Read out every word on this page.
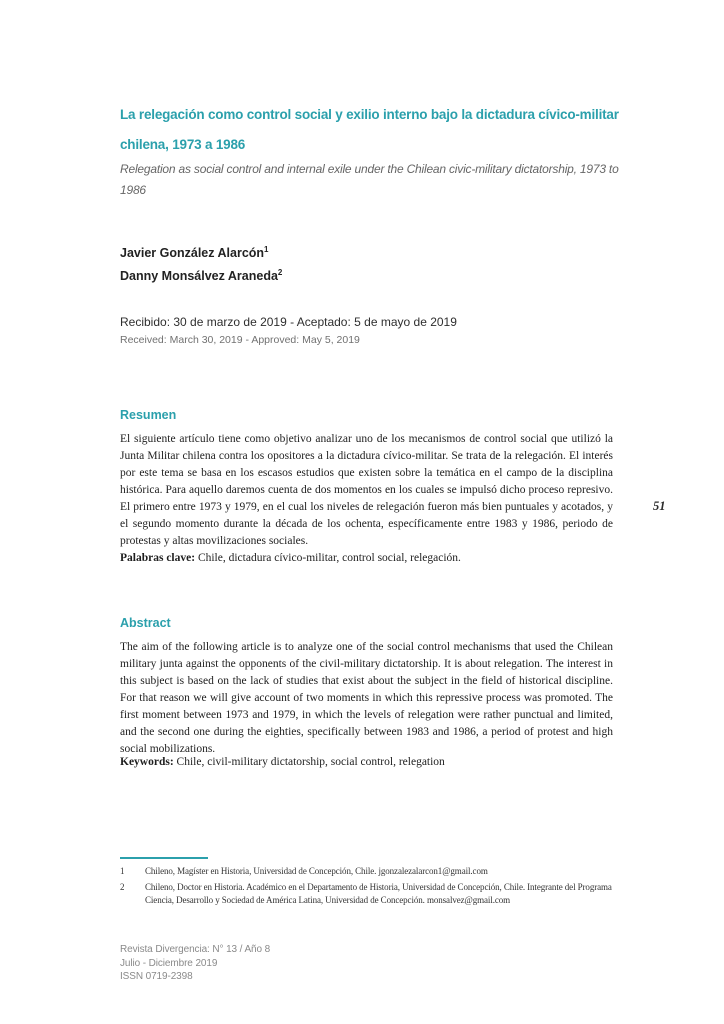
La relegación como control social y exilio interno bajo la dictadura cívico-militar chilena, 1973 a 1986

Relegation as social control and internal exile under the Chilean civic-military dictatorship, 1973 to 1986

Javier González Alarcón$^1$

Danny Monsálvez Araneda$^2$

Recibido: 30 de marzo de 2019 - Aceptado: 5 de mayo de 2019

Received: March 30, 2019 - Approved: May 5, 2019

Resumen

El siguiente artículo tiene como objetivo analizar uno de los mecanismos de control social que utilizó la Junta Militar chilena contra los opositores a la dictadura cívico-militar. Se trata de la relegación. El interés por este tema se basa en los escasos estudios que existen sobre la temática en el campo de la disciplina histórica. Para aquello daremos cuenta de dos momentos en los cuales se impulsó dicho proceso represivo. El primero entre 1973 y 1979, en el cual los niveles de relegación fueron más bien puntuales y acotados, y el segundo momento durante la década de los ochenta, específicamente entre 1983 y 1986, periodo de protestas y altas movilizaciones sociales.

Palabras clave: Chile, dictadura cívico-militar, control social, relegación.

Abstract

The aim of the following article is to analyze one of the social control mechanisms that used the Chilean military junta against the opponents of the civil-military dictatorship. It is about relegation. The interest in this subject is based on the lack of studies that exist about the subject in the field of historical discipline. For that reason we will give account of two moments in which this repressive process was promoted. The first moment between 1973 and 1979, in which the levels of relegation were rather punctual and limited, and the second one during the eighties, specifically between 1983 and 1986, a period of protest and high social mobilizations.

Keywords: Chile, civil-military dictatorship, social control, relegation

1	Chileno, Magíster en Historia, Universidad de Concepción, Chile. jgonzalezalarcon1@gmail.com
2	Chileno, Doctor en Historia. Académico en el Departamento de Historia, Universidad de Concepción, Chile. Integrante del Programa Ciencia, Desarrollo y Sociedad de América Latina, Universidad de Concepción. monsalvez@gmail.com

Revista Divergencia: N° 13 / Año 8

Julio - Diciembre 2019

ISSN 0719-2398

51
